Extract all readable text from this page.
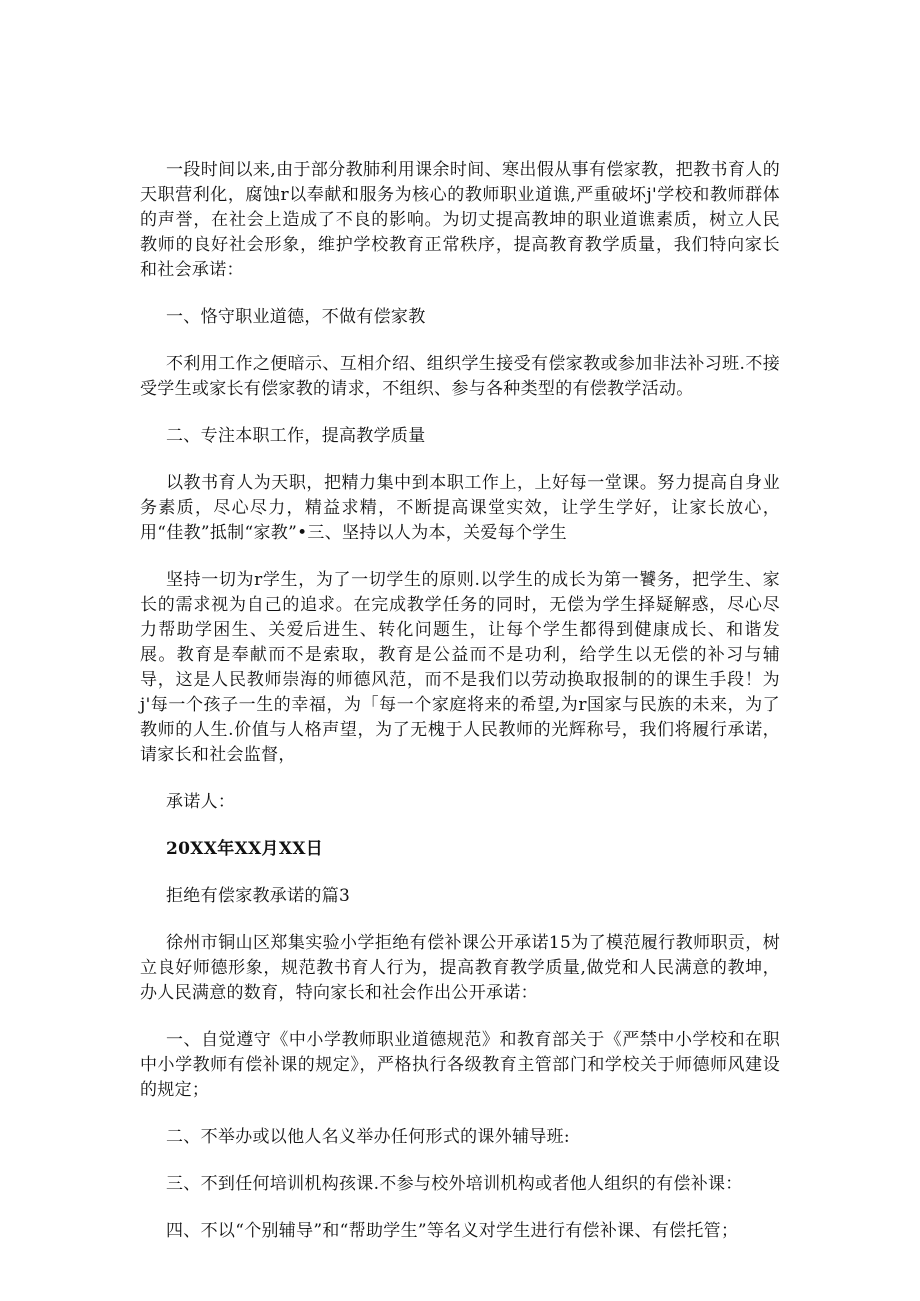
一段时间以来,由于部分教肺利用课余时间、寒出假从事有偿家教，把教书育人的天职营利化，腐蚀r以奉献和服务为核心的教师职业道谯,严重破坏j'学校和教师群体的声誉，在社会上造成了不良的影响。为切丈提高教坤的职业道谯素质，树立人民教师的良好社会形象，维护学校教育正常秩序，提高教育教学质量，我们特向家长和社会承诺：

一、恪守职业道德，不做有偿家教

不利用工作之便暗示、互相介绍、组织学生接受有偿家教或参加非法补习班.不接受学生或家长有偿家教的请求，不组织、参与各种类型的有偿教学活动。

二、专注本职工作，提高教学质量

以教书育人为天职，把精力集中到本职工作上，上好每一堂课。努力提高自身业务素质，尽心尽力，精益求精，不断提高课堂实效，让学生学好，让家长放心，用“佳教”抵制“家教”•三、坚持以人为本，关爱每个学生

坚持一切为r学生，为了一切学生的原则.以学生的成长为第一饕务，把学生、家长的需求视为自己的追求。在完成教学任务的同时，无偿为学生择疑解惑，尽心尽力帮助学困生、关爱后进生、转化问题生，让每个学生都得到健康成长、和谐发展。教育是奉献而不是索取，教育是公益而不是功利，给学生以无偿的补习与辅导，这是人民教师崇海的师德风范，而不是我们以劳动换取报制的的课生手段！为j'每一个孩子一生的幸福，为「每一个家庭将来的希望,为r国家与民族的未来，为了教师的人生.价值与人格声望，为了无槐于人民教师的光辉称号，我们将履行承诺，请家长和社会监督，

承诺人：

20XX年XX月XX日

拒绝有偿家教承诺的篇3

徐州市铜山区郑集实验小学拒绝有偿补课公开承诺15为了模范履行教师职贡，树立良好师德形象，规范教书育人行为，提高教育教学质量,做党和人民满意的教坤，办人民满意的数育，特向家长和社会作出公开承诺：

一、自觉遵守《中小学教师职业道德规范》和教育部关于《严禁中小学校和在职中小学教师有偿补课的规定》，严格执行各级教育主管部门和学校关于师德师风建设的规定；

二、不举办或以他人名义举办任何形式的课外辅导班:

三、不到任何培训机构孩课.不参与校外培训机构或者他人组织的有偿补课：

四、不以“个别辅导”和“帮助学生”等名义对学生进行有偿补课、有偿托管；
